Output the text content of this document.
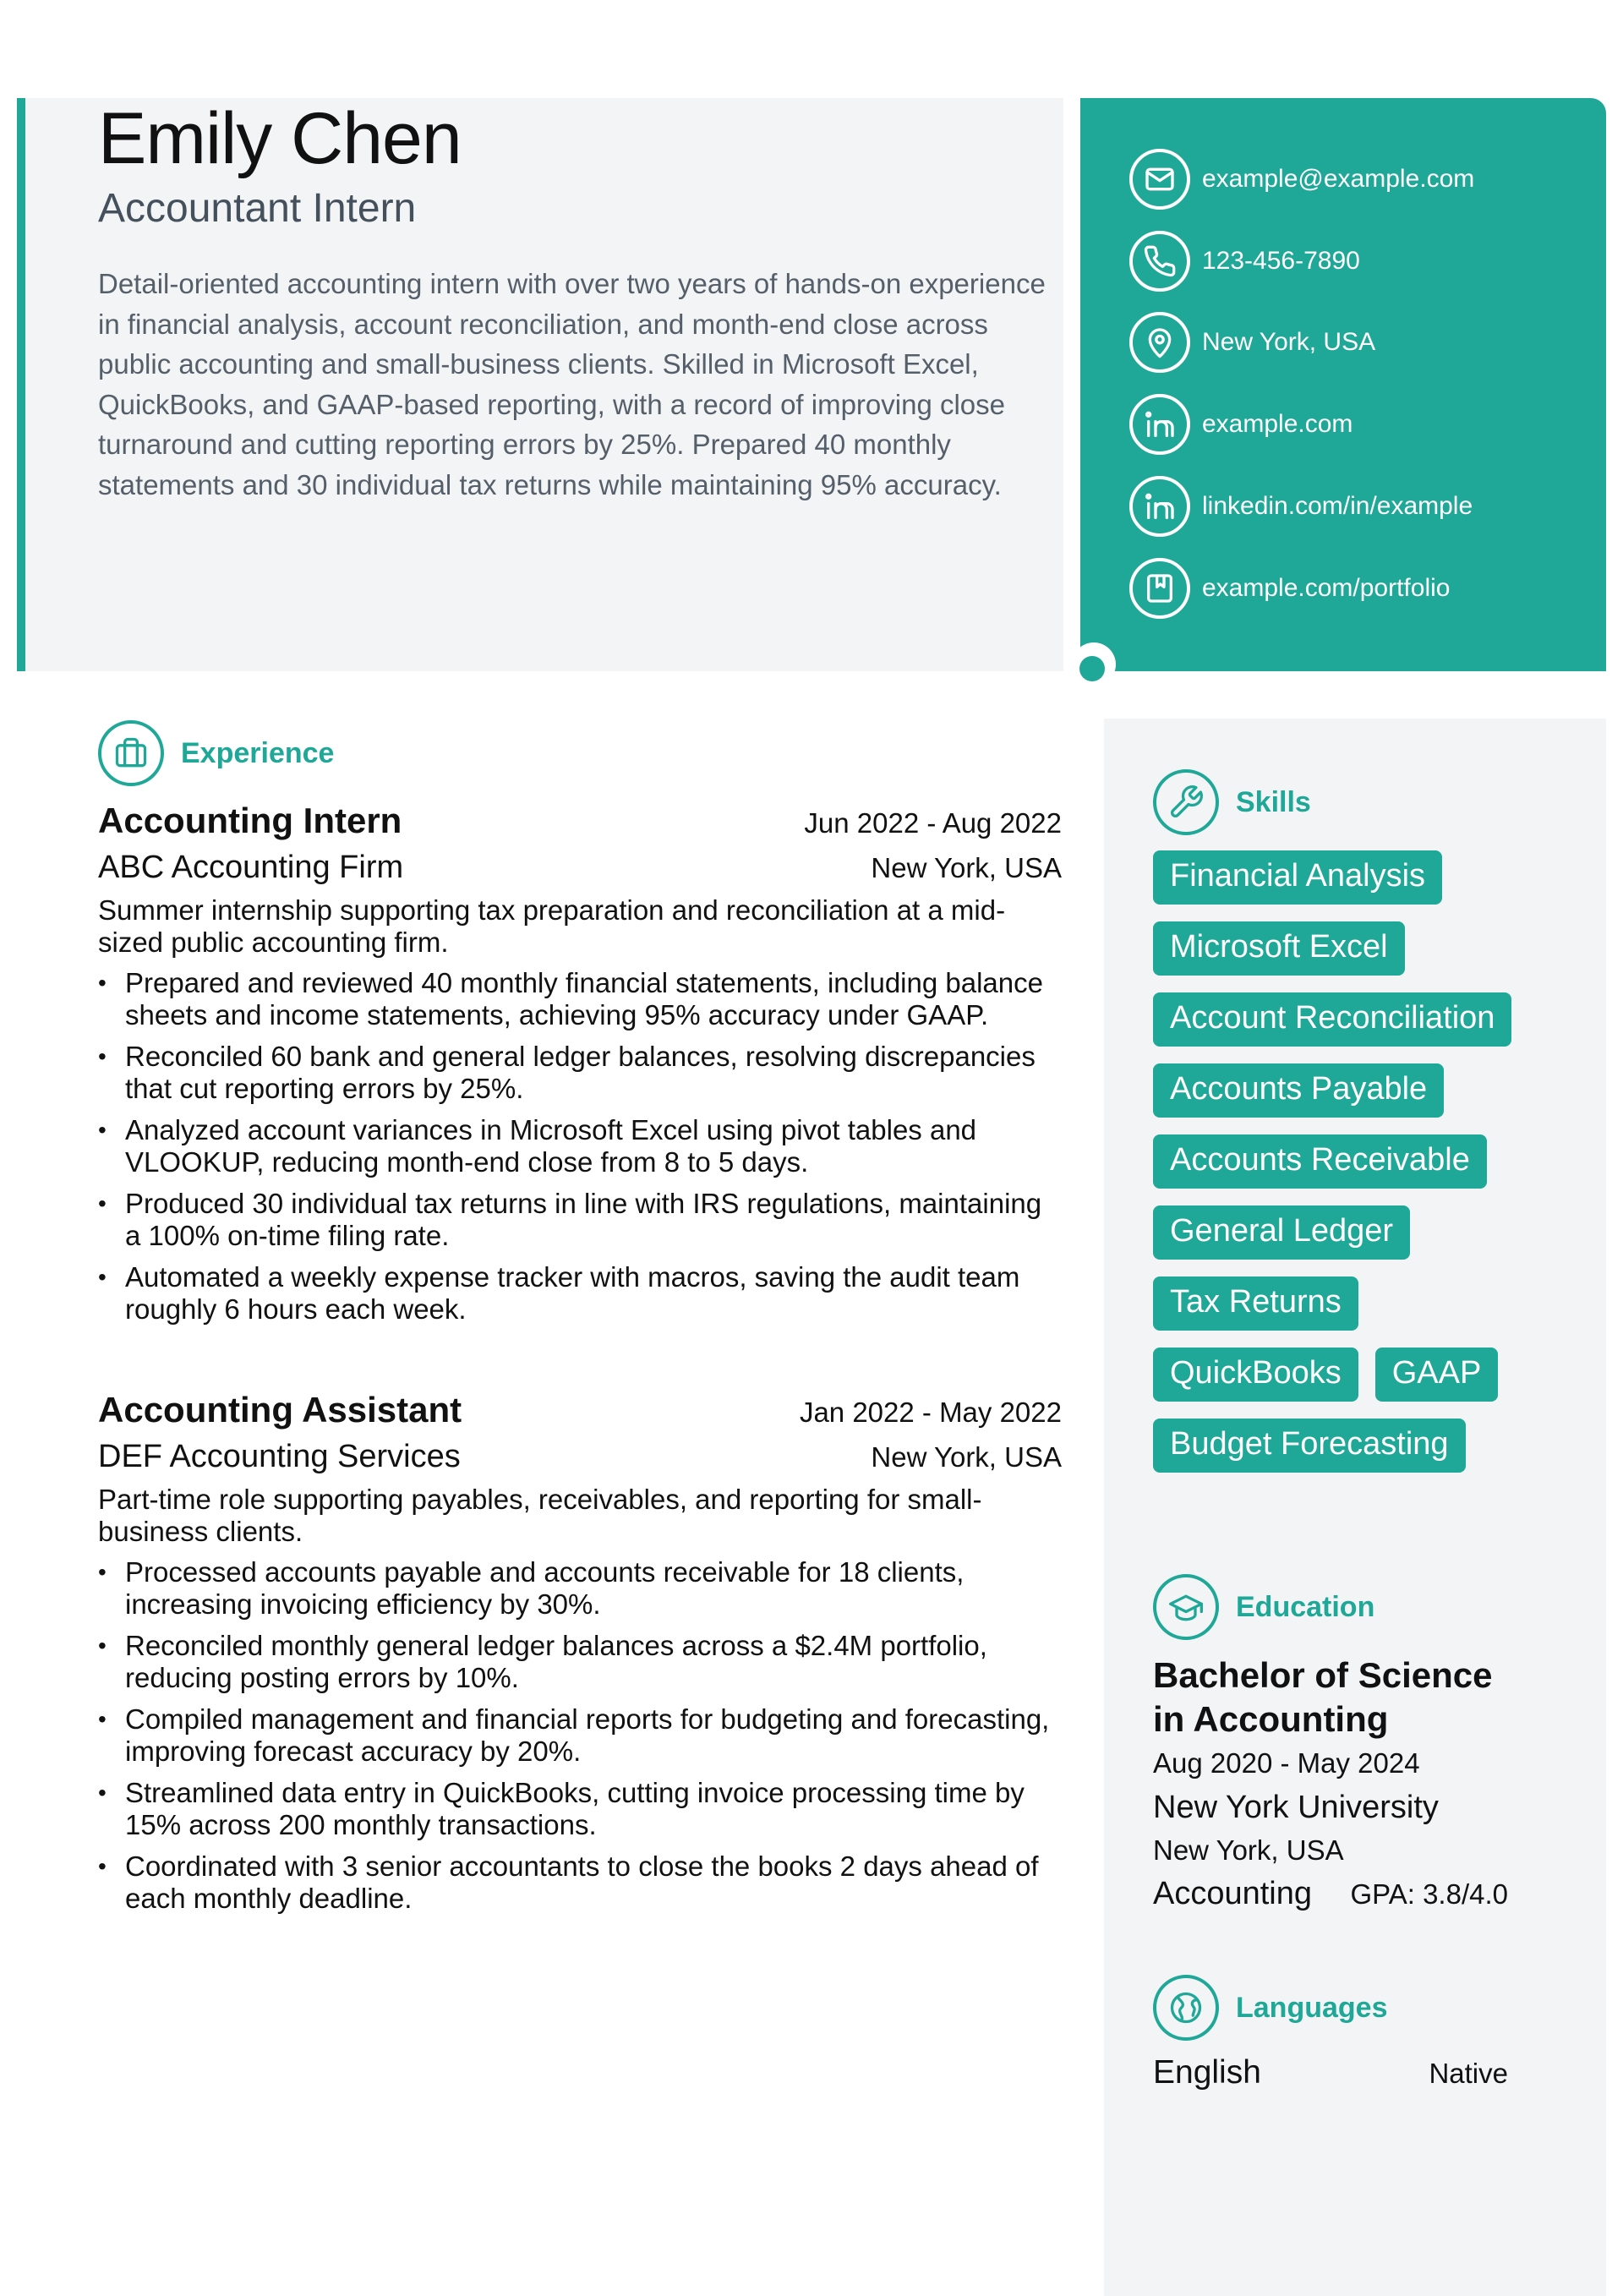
Emily Chen
Accountant Intern
Detail-oriented accounting intern with over two years of hands-on experience in financial analysis, account reconciliation, and month-end close across public accounting and small-business clients. Skilled in Microsoft Excel, QuickBooks, and GAAP-based reporting, with a record of improving close turnaround and cutting reporting errors by 25%. Prepared 40 monthly statements and 30 individual tax returns while maintaining 95% accuracy.
example@example.com
123-456-7890
New York, USA
example.com
linkedin.com/in/example
example.com/portfolio
Experience
Accounting Intern	Jun 2022 - Aug 2022
ABC Accounting Firm	New York, USA
Summer internship supporting tax preparation and reconciliation at a mid-sized public accounting firm.
• Prepared and reviewed 40 monthly financial statements, including balance sheets and income statements, achieving 95% accuracy under GAAP.
• Reconciled 60 bank and general ledger balances, resolving discrepancies that cut reporting errors by 25%.
• Analyzed account variances in Microsoft Excel using pivot tables and VLOOKUP, reducing month-end close from 8 to 5 days.
• Produced 30 individual tax returns in line with IRS regulations, maintaining a 100% on-time filing rate.
• Automated a weekly expense tracker with macros, saving the audit team roughly 6 hours each week.
Accounting Assistant	Jan 2022 - May 2022
DEF Accounting Services	New York, USA
Part-time role supporting payables, receivables, and reporting for small-business clients.
• Processed accounts payable and accounts receivable for 18 clients, increasing invoicing efficiency by 30%.
• Reconciled monthly general ledger balances across a $2.4M portfolio, reducing posting errors by 10%.
• Compiled management and financial reports for budgeting and forecasting, improving forecast accuracy by 20%.
• Streamlined data entry in QuickBooks, cutting invoice processing time by 15% across 200 monthly transactions.
• Coordinated with 3 senior accountants to close the books 2 days ahead of each monthly deadline.
Skills
Financial Analysis
Microsoft Excel
Account Reconciliation
Accounts Payable
Accounts Receivable
General Ledger
Tax Returns
QuickBooks	GAAP
Budget Forecasting
Education
Bachelor of Science in Accounting
Aug 2020 - May 2024
New York University
New York, USA
Accounting GPA: 3.8/4.0
Languages
English	Native
